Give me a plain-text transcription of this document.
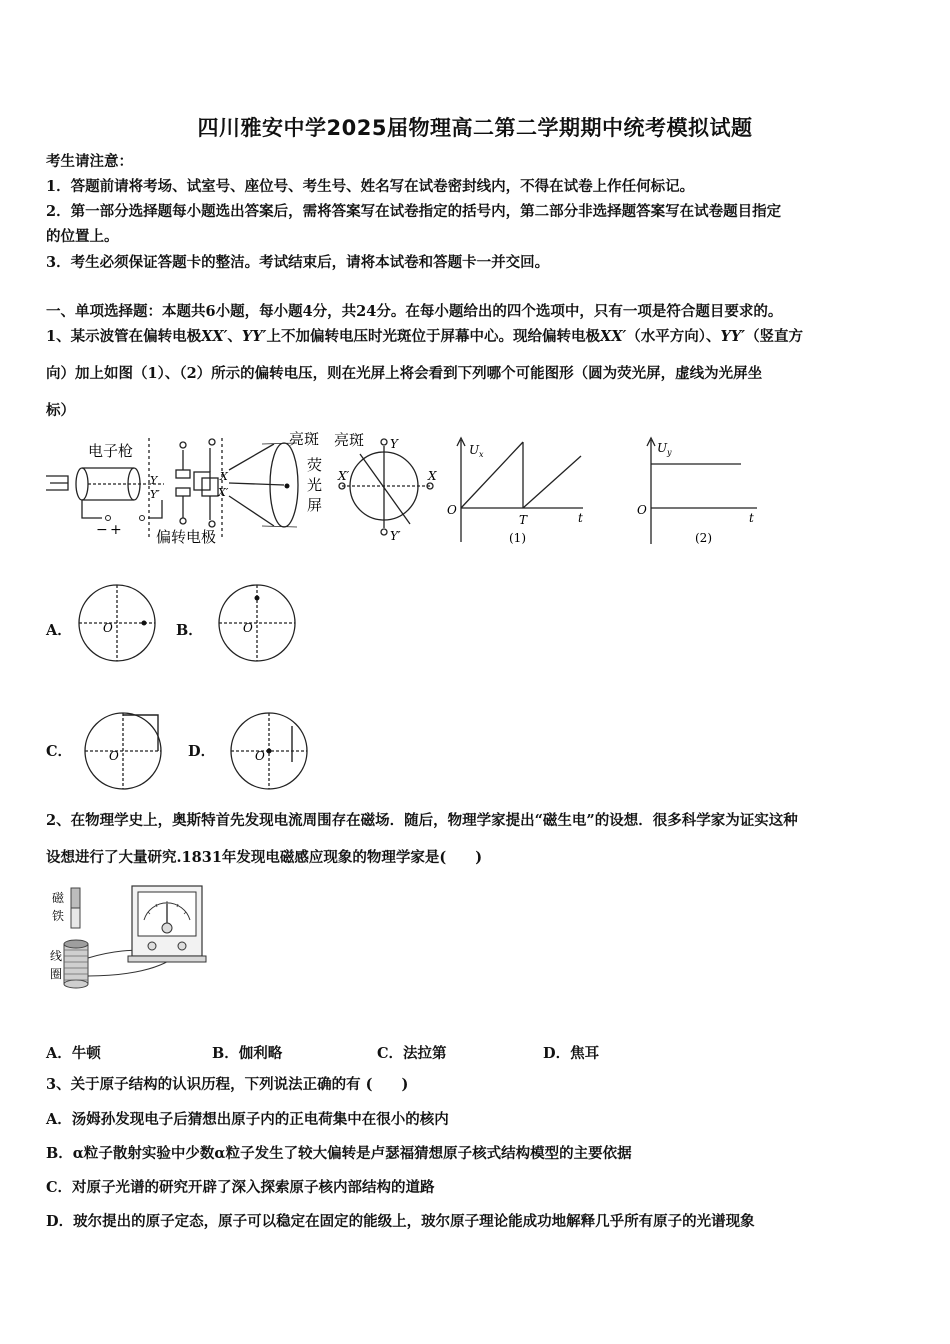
四川雅安中学2025届物理高二第二学期期中统考模拟试题
考生请注意：
1．答题前请将考场、试室号、座位号、考生号、姓名写在试卷密封线内，不得在试卷上作任何标记。
2．第一部分选择题每小题选出答案后，需将答案写在试卷指定的括号内，第二部分非选择题答案写在试卷题目指定
的位置上。
3．考生必须保证答题卡的整洁。考试结束后，请将本试卷和答题卡一并交回。
一、单项选择题：本题共6小题，每小题4分，共24分。在每小题给出的四个选项中，只有一项是符合题目要求的。
1、某示波管在偏转电极XX′、YY′上不加偏转电压时光斑位于屏幕中心。现给偏转电极XX′（水平方向）、YY′（竖直方
向）加上如图（1）、（2）所示的偏转电压，则在光屏上将会看到下列哪个可能图形（圆为荧光屏，虚线为光屏坐
标）
电子枪
偏转电极
亮斑
荧
光
屏
Y
Y′
X
X′
− +
亮斑 Y
Y′
X
X′
U x
O
T	t
(1)
U y
O
t
(2)
A．	O	B．	O
C．	O	D．	O
2、在物理学史上，奥斯特首先发现电流周围存在磁场．随后，物理学家提出“磁生电”的设想．很多科学家为证实这种
设想进行了大量研究.1831年发现电磁感应现象的物理学家是(　　)
磁
铁
线
圈
A．牛顿	B．伽利略	C．法拉第	D．焦耳
3、关于原子结构的认识历程，下列说法正确的有 (　　)
A．汤姆孙发现电子后猜想出原子内的正电荷集中在很小的核内
B．α粒子散射实验中少数α粒子发生了较大偏转是卢瑟福猜想原子核式结构模型的主要依据
C．对原子光谱的研究开辟了深入探索原子核内部结构的道路
D．玻尔提出的原子定态，原子可以稳定在固定的能级上，玻尔原子理论能成功地解释几乎所有原子的光谱现象
